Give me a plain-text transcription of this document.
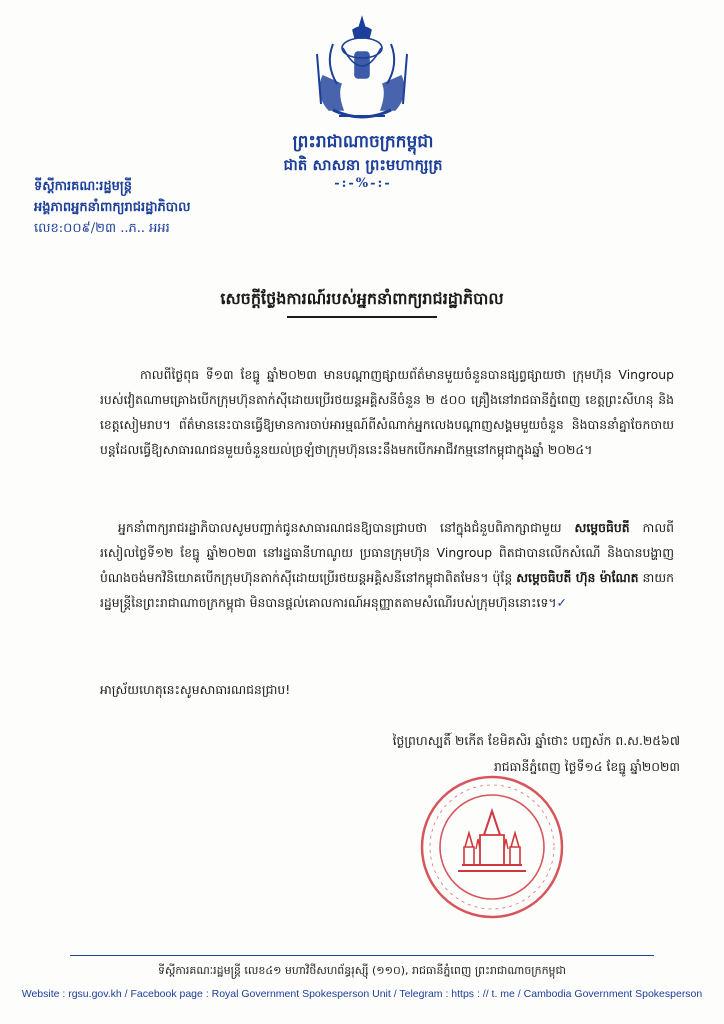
ព្រះរាជាណាចក្រកម្ពុជា
ជាតិ សាសនា ព្រះមហាក្សត្រ
-:-%-:-
ទីស្តីការគណៈរដ្ឋមន្ត្រី
អង្គភាពអ្នកនាំពាក្យរាជរដ្ឋាភិបាល
លេខ:០០៩/២៣ ..ភ.. អអរ
សេចក្តីថ្លែងការណ៍របស់អ្នកនាំពាក្យរាជរដ្ឋាភិបាល
កាលពីថ្ងៃពុធ ទី១៣ ខែធ្នូ ឆ្នាំ២០២៣ មានបណ្តាញផ្សាយព័ត៌មានមួយចំនួនបានផ្សព្វផ្សាយថា ក្រុមហ៊ុន Vingroup របស់វៀតណាមគ្រោងបើកក្រុមហ៊ុនតាក់ស៊ីដោយប្រើរថយន្តអគ្គិសនីចំនួន ២ ៥០០ គ្រឿងនៅរាជធានីភ្នំពេញ ខេត្តព្រះសីហនុ និងខេត្តសៀមរាប។ ព័ត៌មាននេះបានធ្វើឱ្យមានការចាប់អារម្មណ៍ពីសំណាក់អ្នកលេងបណ្តាញសង្គមមួយចំនួន និងបាននាំគ្នាចែកចាយបន្តដែលធ្វើឱ្យសាធារណជនមួយចំនួនយល់ច្រឡំថាក្រុមហ៊ុននេះនឹងមកបើកអាជីវកម្មនៅកម្ពុជាក្នុងឆ្នាំ ២០២៤។
អ្នកនាំពាក្យរាជរដ្ឋាភិបាលសូមបញ្ជាក់ជូនសាធារណជនឱ្យបានជ្រាបថា នៅក្នុងជំនួបពិភាក្សាជាមួយ សម្តេចធិបតី កាលពីរសៀលថ្ងៃទី១២ ខែធ្នូ ឆ្នាំ២០២៣ នៅរដ្ឋធានីហាណូយ ប្រធានក្រុមហ៊ុន Vingroup ពិតជាបានលើកសំណើ និងបានបង្ហាញបំណងចង់មកវិនិយោគបើកក្រុមហ៊ុនតាក់ស៊ីដោយប្រើរថយន្តអគ្គិសនីនៅកម្ពុជាពិតមែន។ ប៉ុន្តែ សម្តេចធិបតី ហ៊ុន ម៉ាណែត នាយករដ្ឋមន្ត្រីនៃព្រះរាជាណាចក្រកម្ពុជា មិនបានផ្តល់គោលការណ៍អនុញ្ញាតតាមសំណើរបស់ក្រុមហ៊ុននោះទេ។✓
អាស្រ័យហេតុនេះសូមសាធារណជនជ្រាប!
ថ្ងៃព្រហស្បតិ៍ ២កើត ខែមិគសិរ ឆ្នាំថោះ បញ្ចស័ក ព.ស.២៥៦៧
រាជធានីភ្នំពេញ ថ្ងៃទី១៤ ខែធ្នូ ឆ្នាំ២០២៣
ទីស្តីការគណៈរដ្ឋមន្ត្រី លេខ៤១ មហាវិថីសហព័ន្ធរុស្ស៊ី (១១០), រាជធានីភ្នំពេញ ព្រះរាជាណាចក្រកម្ពុជា
Website : rgsu.gov.kh / Facebook page : Royal Government Spokesperson Unit / Telegram : https : // t. me / Cambodia Government Spokesperson
